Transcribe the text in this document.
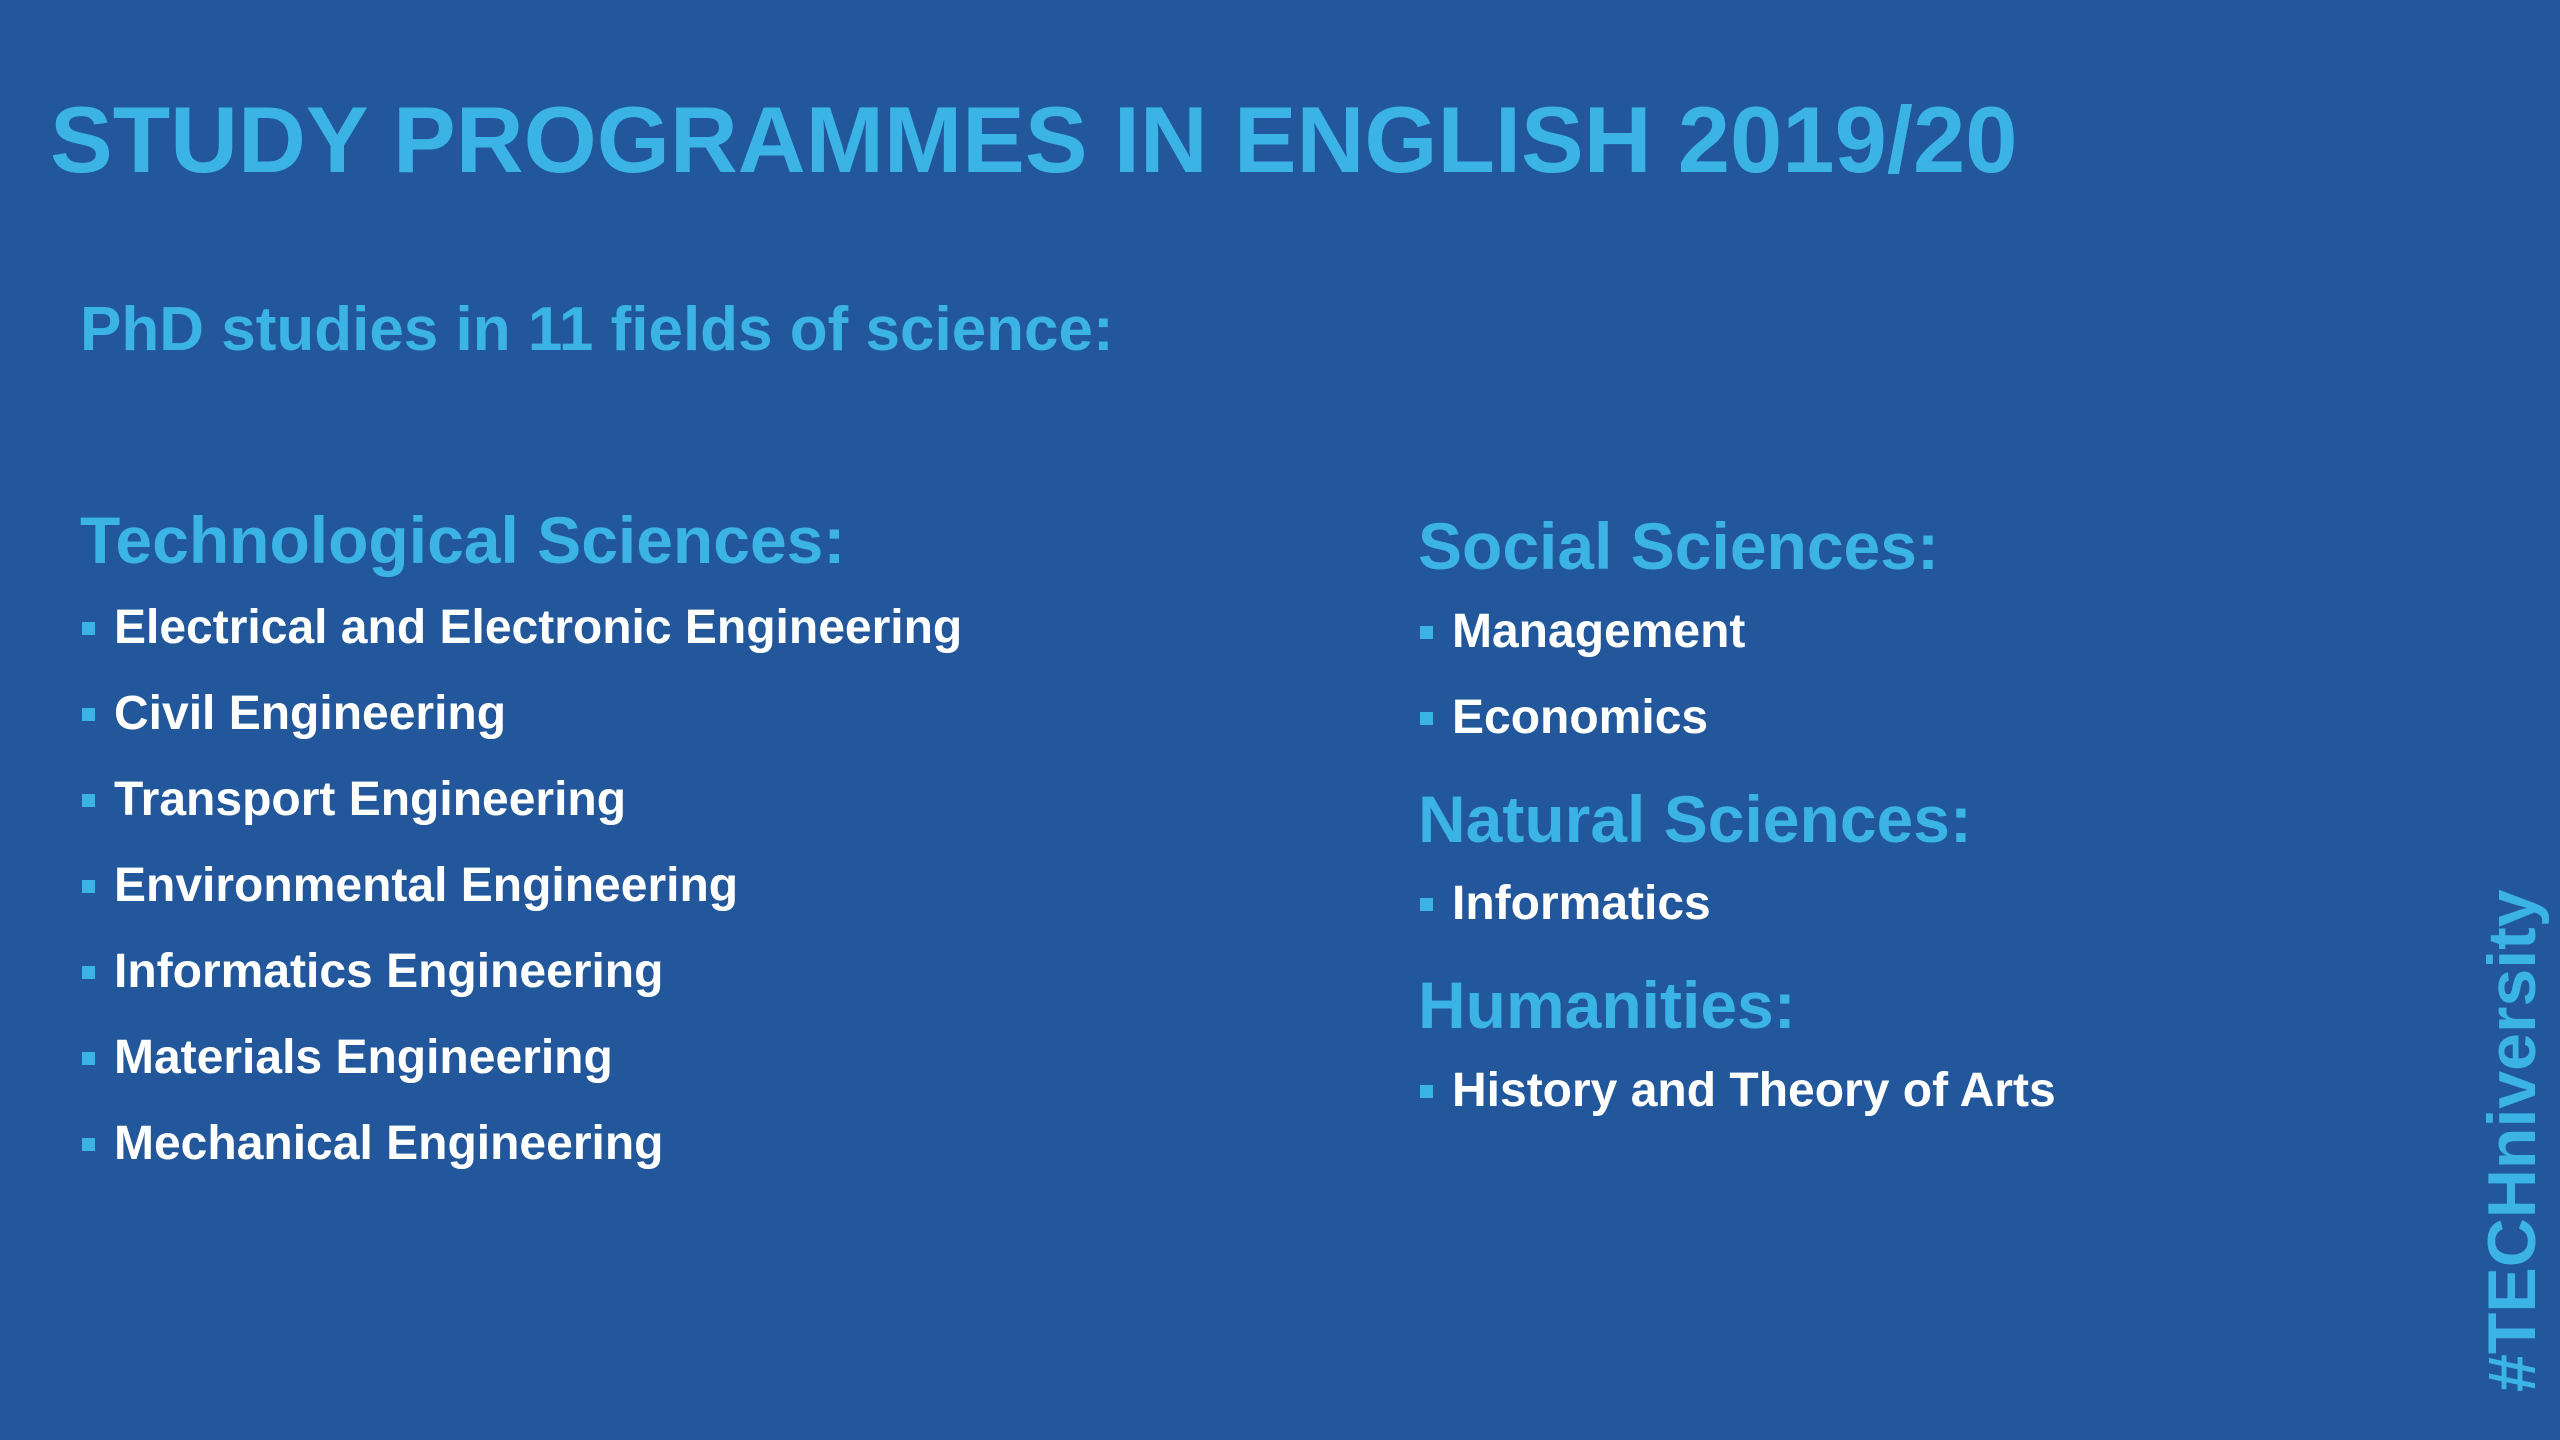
STUDY PROGRAMMES IN ENGLISH 2019/20
PhD studies in 11 fields of science:
Technological Sciences:
Electrical and Electronic Engineering
Civil Engineering
Transport Engineering
Environmental Engineering
Informatics Engineering
Materials Engineering
Mechanical Engineering
Social Sciences:
Management
Economics
Natural Sciences:
Informatics
Humanities:
History and Theory of Arts	#TECHniversity
